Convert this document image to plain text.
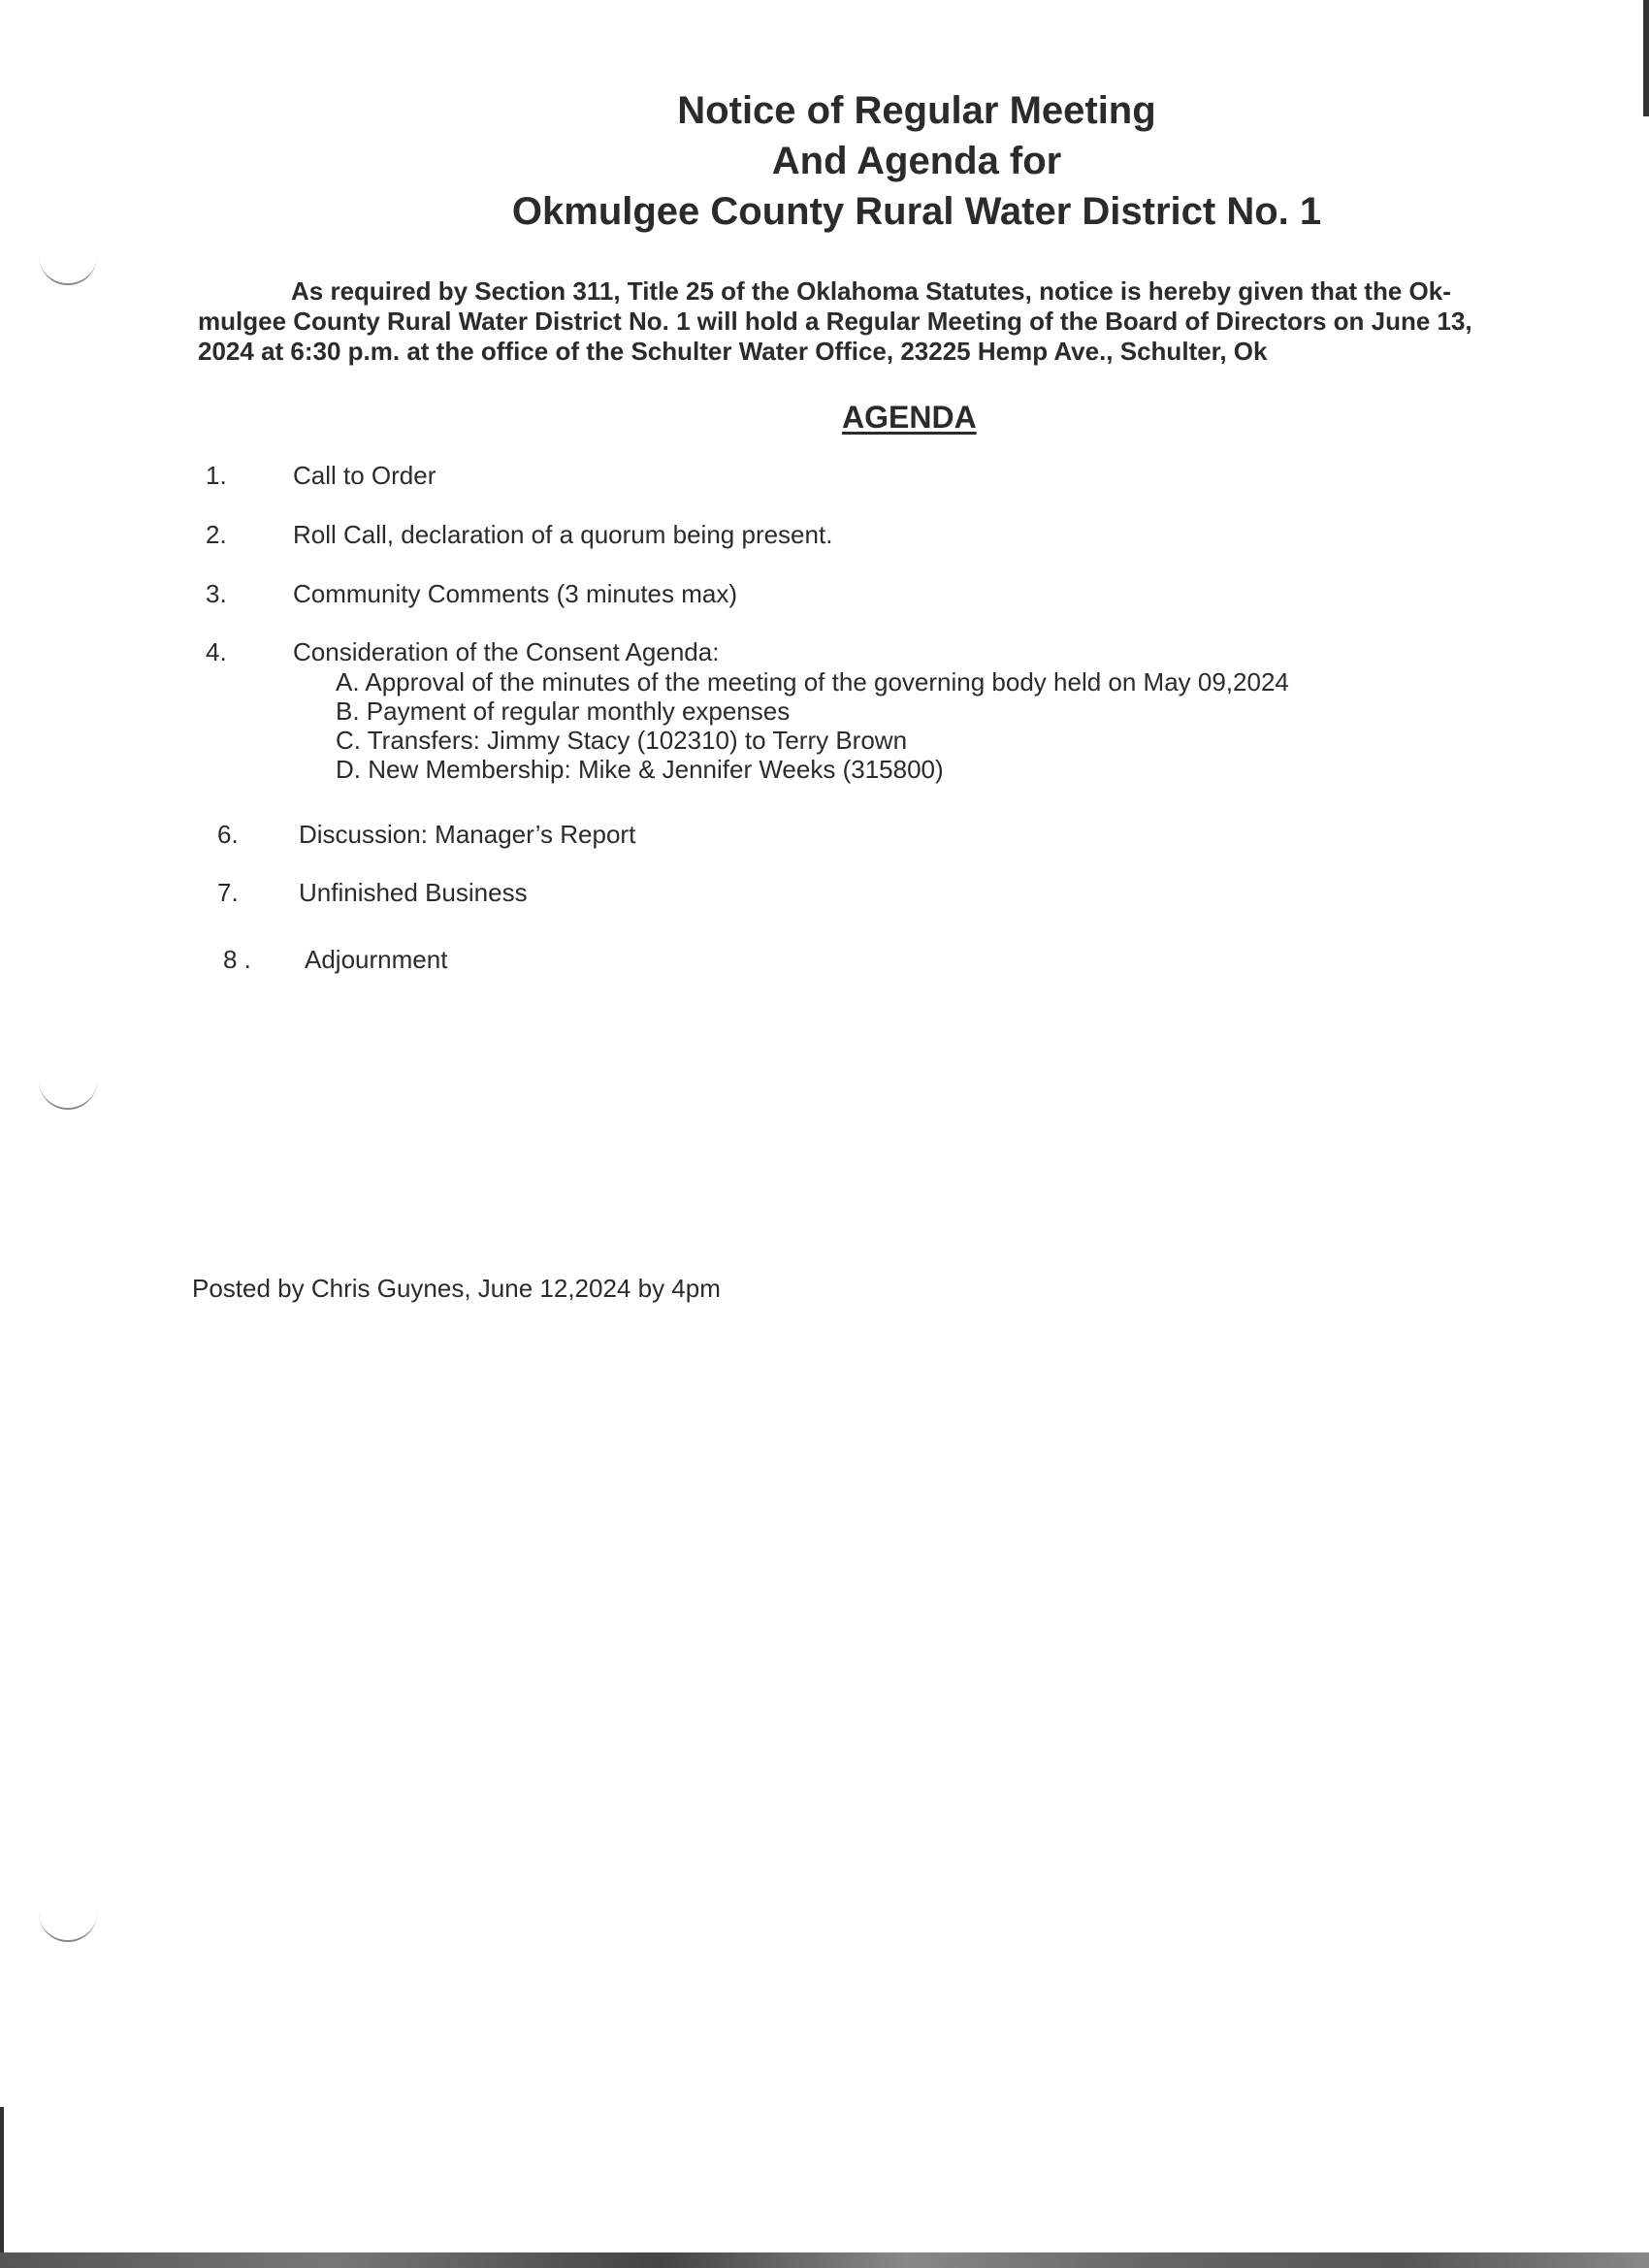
Notice of Regular Meeting
And Agenda for
Okmulgee County Rural Water District No. 1
As required by Section 311, Title 25 of the Oklahoma Statutes, notice is hereby given that the Ok-
mulgee County Rural Water District No. 1 will hold a Regular Meeting of the Board of Directors on June 13,
2024 at 6:30 p.m. at the office of the Schulter Water Office, 23225 Hemp Ave., Schulter, Ok
AGENDA
1.	Call to Order
2.	Roll Call, declaration of a quorum being present.
3.	Community Comments (3 minutes max)
4.	Consideration of the Consent Agenda:
A. Approval of the minutes of the meeting of the governing body held on May 09,2024
B. Payment of regular monthly expenses
C. Transfers: Jimmy Stacy (102310) to Terry Brown
D. New Membership: Mike & Jennifer Weeks (315800)
6. Discussion: Manager’s Report
7. Unfinished Business
8 . Adjournment
Posted by Chris Guynes, June 12,2024 by 4pm
